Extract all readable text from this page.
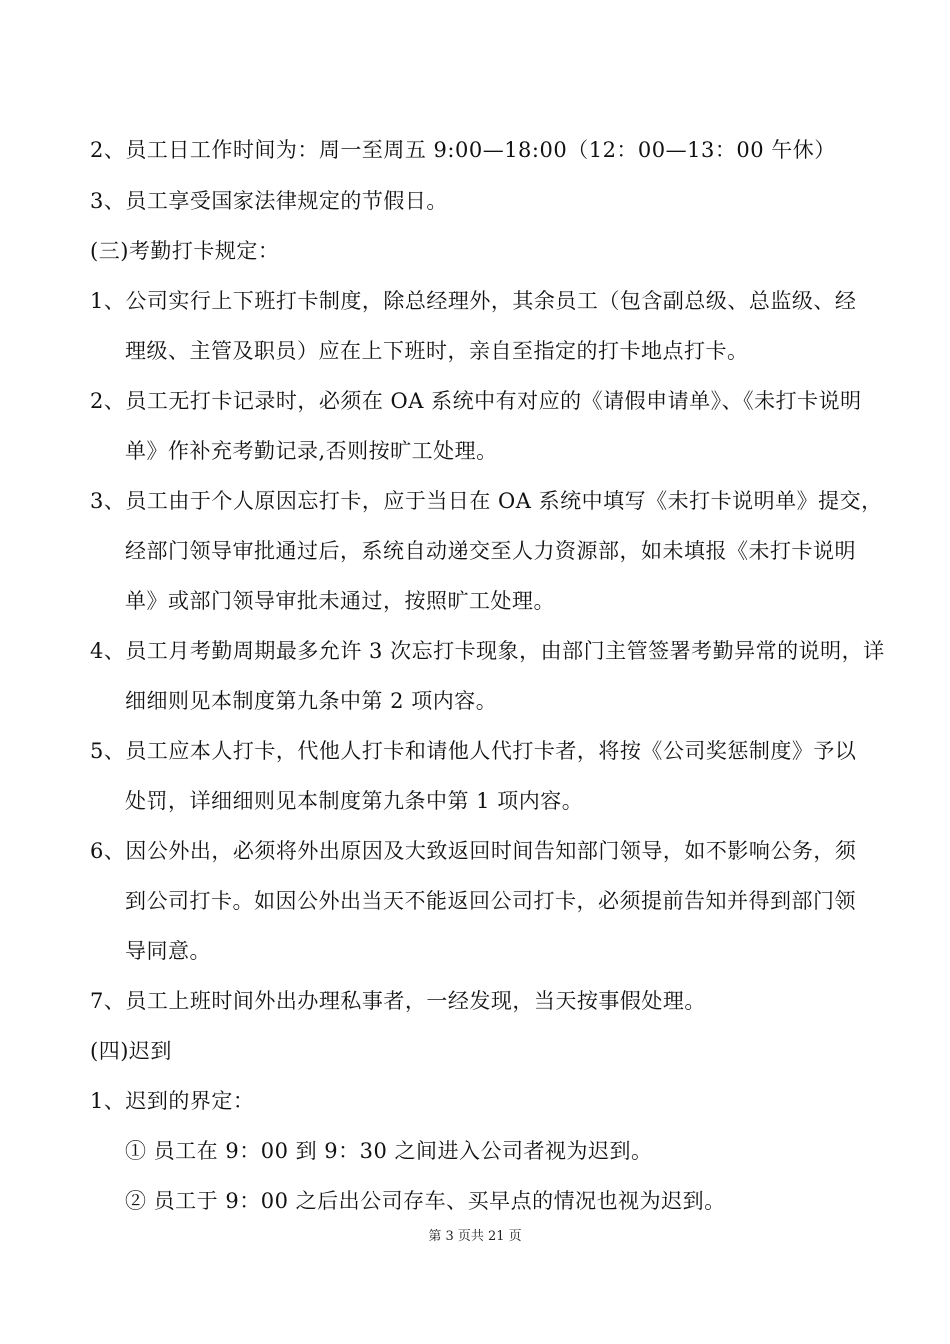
2、员工日工作时间为：周一至周五 9:00—18:00（12：00—13：00 午休）
3、员工享受国家法律规定的节假日。
(三)考勤打卡规定：
1、公司实行上下班打卡制度，除总经理外，其余员工（包含副总级、总监级、经
理级、主管及职员）应在上下班时，亲自至指定的打卡地点打卡。
2、员工无打卡记录时，必须在 OA 系统中有对应的《请假申请单》、《未打卡说明
单》作补充考勤记录,否则按旷工处理。
3、员工由于个人原因忘打卡，应于当日在 OA 系统中填写《未打卡说明单》提交，
经部门领导审批通过后，系统自动递交至人力资源部，如未填报《未打卡说明
单》或部门领导审批未通过，按照旷工处理。
4、员工月考勤周期最多允许 3 次忘打卡现象，由部门主管签署考勤异常的说明，详
细细则见本制度第九条中第 2 项内容。
5、员工应本人打卡，代他人打卡和请他人代打卡者，将按《公司奖惩制度》予以
处罚，详细细则见本制度第九条中第 1 项内容。
6、因公外出，必须将外出原因及大致返回时间告知部门领导，如不影响公务，须
到公司打卡。如因公外出当天不能返回公司打卡，必须提前告知并得到部门领
导同意。
7、员工上班时间外出办理私事者，一经发现，当天按事假处理。
(四)迟到
1、迟到的界定：
① 员工在 9：00 到 9：30 之间进入公司者视为迟到。
② 员工于 9：00 之后出公司存车、买早点的情况也视为迟到。
第 3 页共 21 页
